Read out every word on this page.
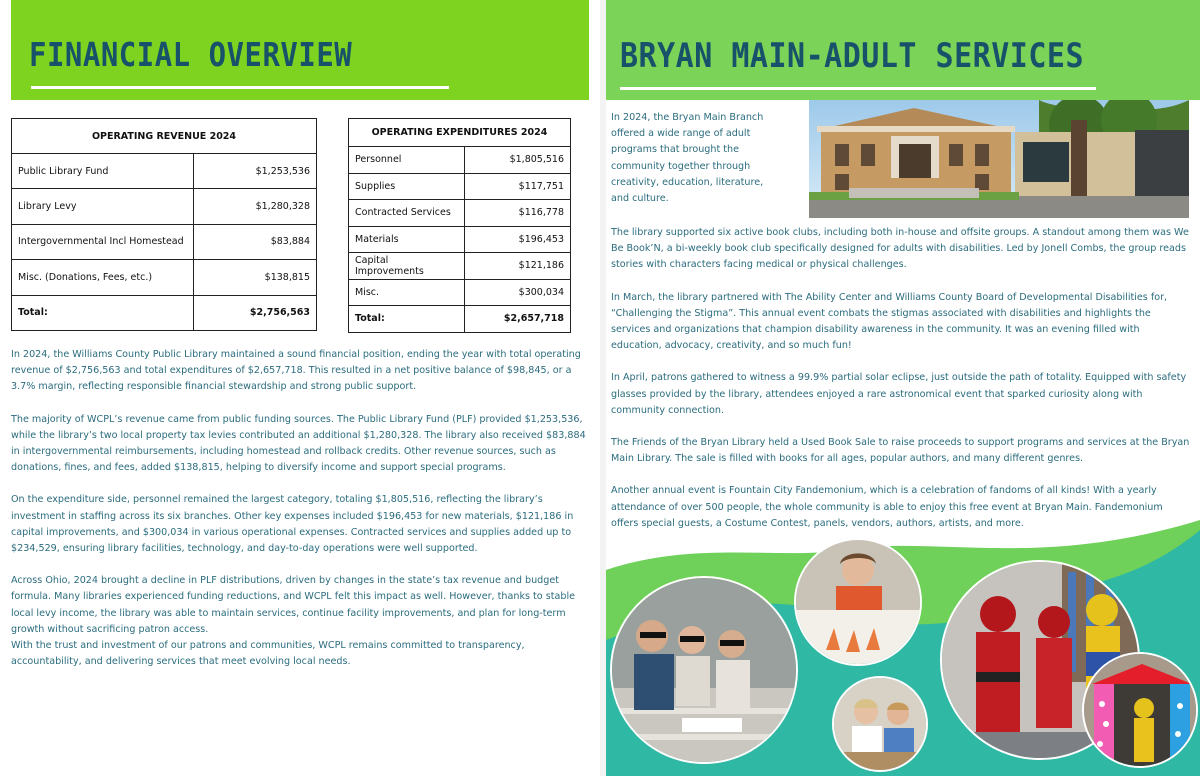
FINANCIAL OVERVIEW
OPERATING REVENUE 2024	
Public Library Fund	$1,253,536
Library Levy	$1,280,328
Intergovernmental Incl Homestead	$83,884
Misc. (Donations, Fees, etc.)	$138,815
Total:	$2,756,563
OPERATING EXPENDITURES 2024	
Personnel	$1,805,516
Supplies	$117,751
Contracted Services	$116,778
Materials	$196,453
Capital Improvements	$121,186
Misc.	$300,034
Total:	$2,657,718

In 2024, the Williams County Public Library maintained a sound financial position, ending the year with total operating revenue of $2,756,563 and total expenditures of $2,657,718. This resulted in a net positive balance of $98,845, or a 3.7% margin, reflecting responsible financial stewardship and strong public support.

The majority of WCPL’s revenue came from public funding sources. The Public Library Fund (PLF) provided $1,253,536, while the library’s two local property tax levies contributed an additional $1,280,328. The library also received $83,884 in intergovernmental reimbursements, including homestead and rollback credits. Other revenue sources, such as donations, fines, and fees, added $138,815, helping to diversify income and support special programs.

On the expenditure side, personnel remained the largest category, totaling $1,805,516, reflecting the library’s investment in staffing across its six branches. Other key expenses included $196,453 for new materials, $121,186 in capital improvements, and $300,034 in various operational expenses. Contracted services and supplies added up to $234,529, ensuring library facilities, technology, and day-to-day operations were well supported.

Across Ohio, 2024 brought a decline in PLF distributions, driven by changes in the state’s tax revenue and budget formula. Many libraries experienced funding reductions, and WCPL felt this impact as well. However, thanks to stable local levy income, the library was able to maintain services, continue facility improvements, and plan for long-term growth without sacrificing patron access.

With the trust and investment of our patrons and communities, WCPL remains committed to transparency, accountability, and delivering services that meet evolving local needs.

BRYAN MAIN-ADULT SERVICES
In 2024, the Bryan Main Branch offered a wide range of adult programs that brought the community together through creativity, education, literature, and culture.

The library supported six active book clubs, including both in-house and offsite groups. A standout among them was We Be Book’N, a bi-weekly book club specifically designed for adults with disabilities. Led by Jonell Combs, the group reads stories with characters facing medical or physical challenges.

In March, the library partnered with The Ability Center and Williams County Board of Developmental Disabilities for, “Challenging the Stigma”. This annual event combats the stigmas associated with disabilities and highlights the services and organizations that champion disability awareness in the community. It was an evening filled with education, advocacy, creativity, and so much fun!

In April, patrons gathered to witness a 99.9% partial solar eclipse, just outside the path of totality. Equipped with safety glasses provided by the library, attendees enjoyed a rare astronomical event that sparked curiosity along with community connection.

The Friends of the Bryan Library held a Used Book Sale to raise proceeds to support programs and services at the Bryan Main Library. The sale is filled with books for all ages, popular authors, and many different genres.

Another annual event is Fountain City Fandemonium, which is a celebration of fandoms of all kinds! With a yearly attendance of over 500 people, the whole community is able to enjoy this free event at Bryan Main. Fandemonium offers special guests, a Costume Contest, panels, vendors, authors, artists, and more.
